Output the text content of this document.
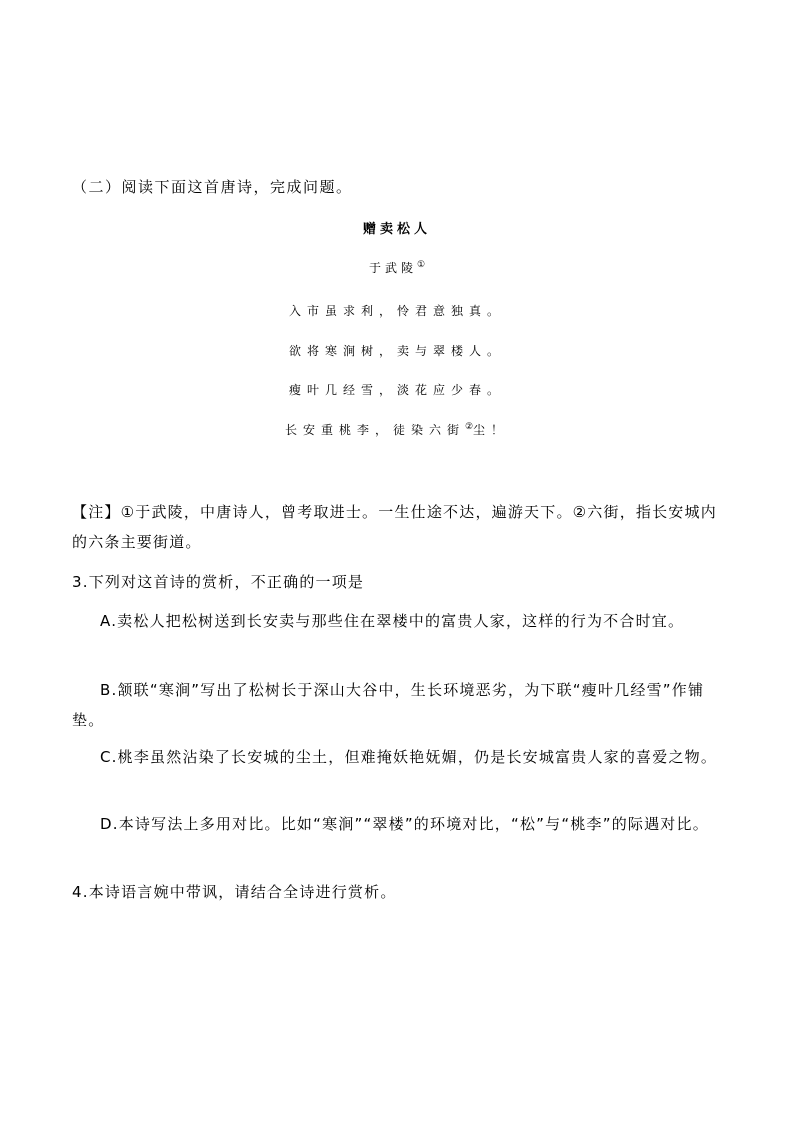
（二）阅读下面这首唐诗，完成问题。
赠卖松人
于武陵①
入市虽求利，怜君意独真。
欲将寒涧树，卖与翠楼人。
瘦叶几经雪，淡花应少春。
长安重桃李，徒染六街②尘！
【注】①于武陵，中唐诗人，曾考取进士。一生仕途不达，遍游天下。②六街，指长安城内的六条主要街道。
3.下列对这首诗的赏析，不正确的一项是
A.卖松人把松树送到长安卖与那些住在翠楼中的富贵人家，这样的行为不合时宜。
B.颔联“寒涧”写出了松树长于深山大谷中，生长环境恶劣，为下联“瘦叶几经雪”作铺垫。
C.桃李虽然沾染了长安城的尘土，但难掩妖艳妩媚，仍是长安城富贵人家的喜爱之物。
D.本诗写法上多用对比。比如“寒涧”“翠楼”的环境对比，“松”与“桃李”的际遇对比。
4.本诗语言婉中带讽，请结合全诗进行赏析。
